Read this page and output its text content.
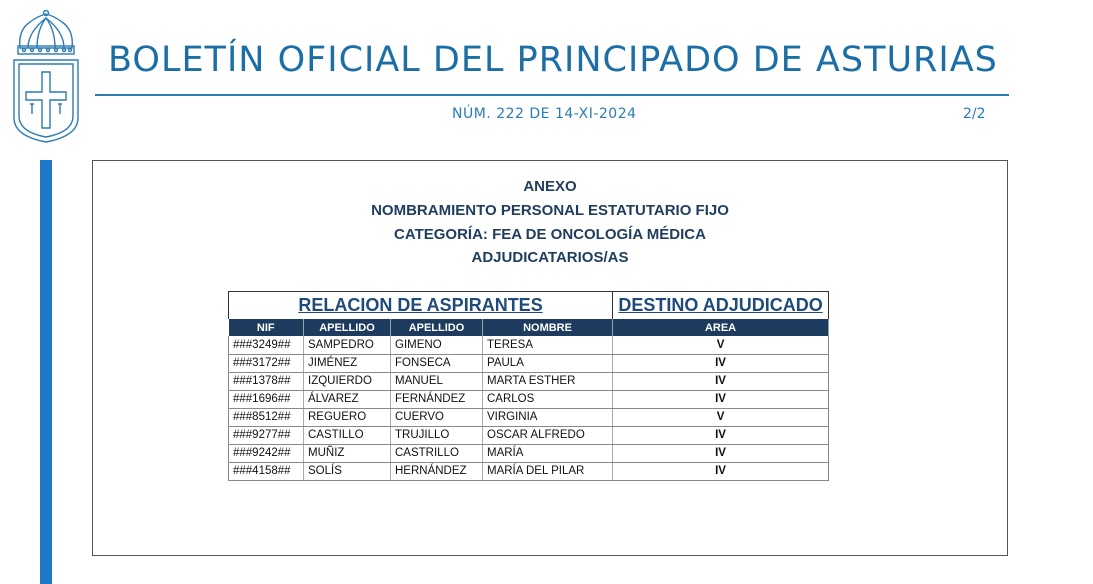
BOLETÍN OFICIAL DEL PRINCIPADO DE ASTURIAS
NÚM. 222 DE 14-XI-2024	2/2
ANEXO
NOMBRAMIENTO PERSONAL ESTATUTARIO FIJO
CATEGORÍA: FEA DE ONCOLOGÍA MÉDICA
ADJUDICATARIOS/AS
RELACION DE ASPIRANTES				DESTINO ADJUDICADO
NIF	APELLIDO	APELLIDO	NOMBRE	AREA
###3249##	SAMPEDRO	GIMENO	TERESA	V
###3172##	JIMÉNEZ	FONSECA	PAULA	IV
###1378##	IZQUIERDO	MANUEL	MARTA ESTHER	IV
###1696##	ÁLVAREZ	FERNÁNDEZ	CARLOS	IV
###8512##	REGUERO	CUERVO	VIRGINIA	V
###9277##	CASTILLO	TRUJILLO	OSCAR ALFREDO	IV
###9242##	MUÑIZ	CASTRILLO	MARÍA	IV
###4158##	SOLÍS	HERNÁNDEZ	MARÍA DEL PILAR	IV
